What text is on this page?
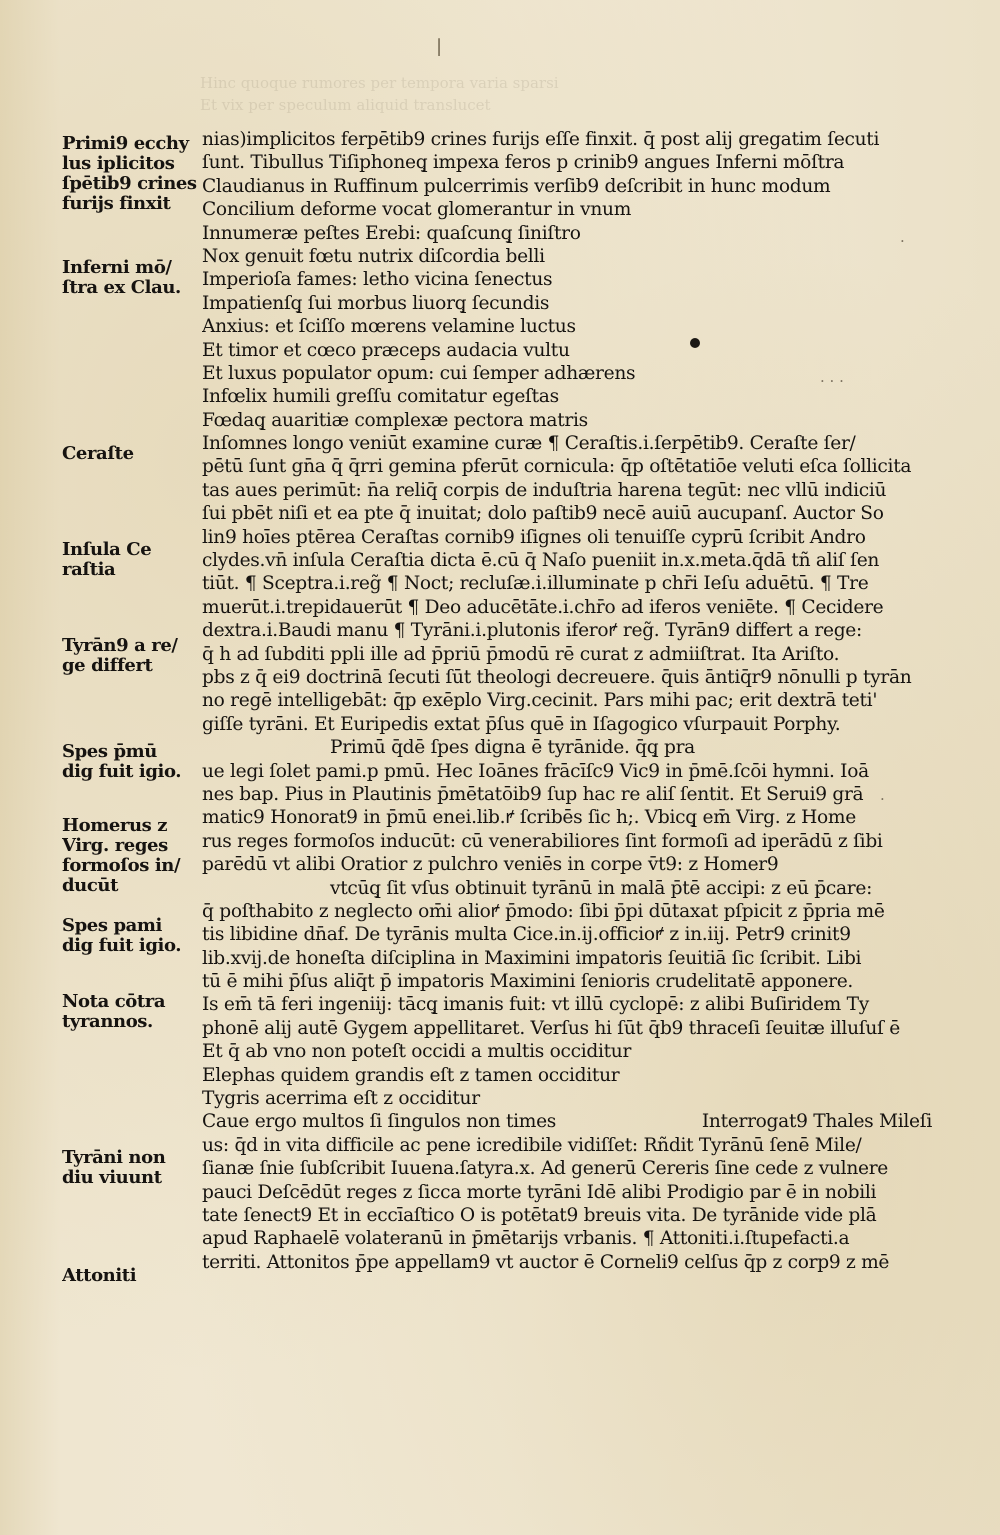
Hinc quoque rumores per tempora varia sparsi
Et vix per speculum aliquid translucet
|
nias)implicitos ferpētib9 crines furijs eſſe finxit. q̄ post alij gregatim ſecuti
ſunt. Tibullus Tiſiphoneq̧ impexa feros p crinib9 angues Inferni mōſtra
Claudianus in Ruffinum pulcerrimis verſib9 deſcribit in hunc modum
Concilium deforme vocat glomerantur in vnum
Innumeræ peſtes Erebi: quaſcunq̧ ſiniſtro
Nox genuit fœtu nutrix diſcordia belli
Imperioſa fames: letho vicina ſenectus
Impatienſq̧ ſui morbus liuorq̧ ſecundis
Anxius: et ſciſſo mœrens velamine luctus
Et timor et cœco præceps audacia vultu
Et luxus populator opum: cui ſemper adhærens
Infœlix humili greſſu comitatur egeſtas
Fœdaq̧ auaritiæ complexæ pectora matris
Inſomnes longo veniūt examine curæ ¶ Ceraſtis.i.ſerpētib9. Ceraſte ſer/
pētū ſunt gn̄a q̄ q̄rri gemina pferūt cornicula: q̄p oſtētatiōe veluti eſca ſollicita
tas aues perimūt: n̄a reliq̄ corpis de induſtria harena tegūt: nec vllū indiciū
ſui pbēt niſi et ea pte q̄ inuitat; dolo paſtib9 necē auiū aucupanſ. Auctor So
lin9 hoīes ptērea Ceraſtas cornib9 iſignes oli tenuiſſe cyprū ſcribit Andro
clydes.vn̄ inſula Ceraſtia dicta ē.cū q̄ Naſo pueniit in.x.meta.q̄dā tñ aliſ ſen
tiūt. ¶ Sceptra.i.reg̃ ¶ Noct; recluſæ.i.illuminate p chr̄i Ieſu aduētū. ¶ Tre
muerūt.i.trepidauerūt ¶ Deo aducētāte.i.chr̄o ad iferos veniēte. ¶ Cecidere
dextra.i.Baudi manu ¶ Tyrāni.i.plutonis iferoꝵ reg̃. Tyrān9 differt a rege:
q̄ h ad ſubditi ppli ille ad p̄priū p̄modū rē curat z admiiſtrat. Ita Ariſto.
pbs z q̄ ei9 doctrinā ſecuti ſūt theologi decreuere. q̄uis āntiq̄r9 nōnulli p tyrān
no regē intelligebāt: q̄p exēplo Virg.cecinit. Pars mihi pac; erit dextrā teti'
giſſe tyrāni. Et Euripedis extat p̄ſus quē in Iſagogico vſurpauit Porphy.
Primū q̄dē ſpes digna ē tyrānide. q̄q̧ pra
ue legi ſolet pami.p pmū. Hec Ioānes frācīſc9 Vic9 in p̄mē.ſcōi hymni. Ioā
nes bap. Pius in Plautinis p̄mētatōib9 ſup hac re aliſ ſentit. Et Serui9 grā
matic9 Honorat9 in p̄mū enei.lib.ꝵ ſcribēs ſic h;. Vbicq̧ em̄ Virg. z Home
rus reges formoſos inducūt: cū venerabiliores ſint formoſi ad iperādū z ſibi
parēdū vt alibi Oratior z pulchro veniēs in corpe v̄t9: z Homer9
vtcūq̧ ſit vſus obtinuit tyrānū in malā p̄tē accipi: z eū p̄care:
q̄ poſthabito z neglecto om̄i alioꝵ p̄modo: ſibi p̄pi dūtaxat pſpicit z p̄pria mē
tis libidine dn̄af. De tyrānis multa Cice.in.ij.officioꝵ z in.iij. Petr9 crinit9
lib.xvij.de honeſta diſciplina in Maximini impatoris ſeuitiā ſic ſcribit. Libi
tū ē mihi p̄ſus aliq̄t p̄ impatoris Maximini ſenioris crudelitatē apponere.
Is em̄ tā feri ingeniij: tācq̧ imanis fuit: vt illū cyclopē: z alibi Buſiridem Ty
phonē alij autē Gygem appellitaret. Verſus hi ſūt q̄b9 thraceſi ſeuitæ illuſuſ ē
Et q̄ ab vno non poteſt occidi a multis occiditur
Elephas quidem grandis eſt z tamen occiditur
Tygris acerrima eſt z occiditur
Caue ergo multos ſi ſingulos non times	Interrogat9 Thales Mileſi
us: q̄d in vita difficile ac pene icredibile vidiſſet: Rñdit Tyrānū ſenē Mile/
ſianæ ſnie ſubſcribit Iuuena.ſatyra.x. Ad generū Cereris ſine cede z vulnere
pauci Deſcēdūt reges z ſicca morte tyrāni Idē alibi Prodigio par ē in nobili
tate ſenect9 Et in eccīaſtico O is potētat9 breuis vita. De tyrānide vide plā
apud Raphaelē volateranū in p̄mētarijs vrbanis. ¶ Attoniti.i.ſtupefacti.a
territi. Attonitos p̄pe appellam9 vt auctor ē Corneli9 celſus q̄p z corp9 z mē
Primi9 ecchy
lus iplicitos
ſpētib9 crines
furijs finxit
Inferni mō/
ſtra ex Clau.
Ceraſte
Inſula Ce
raſtia
Tyrān9 a re/
ge differt
Spes p̄mū
dig fuit igio.
Homerus z
Virg. reges
formoſos in/
ducūt
Spes pami
dig fuit igio.
Nota cōtra
tyrannos.
Tyrāni non
diu viuunt
Attoniti
· · ·
·
·
